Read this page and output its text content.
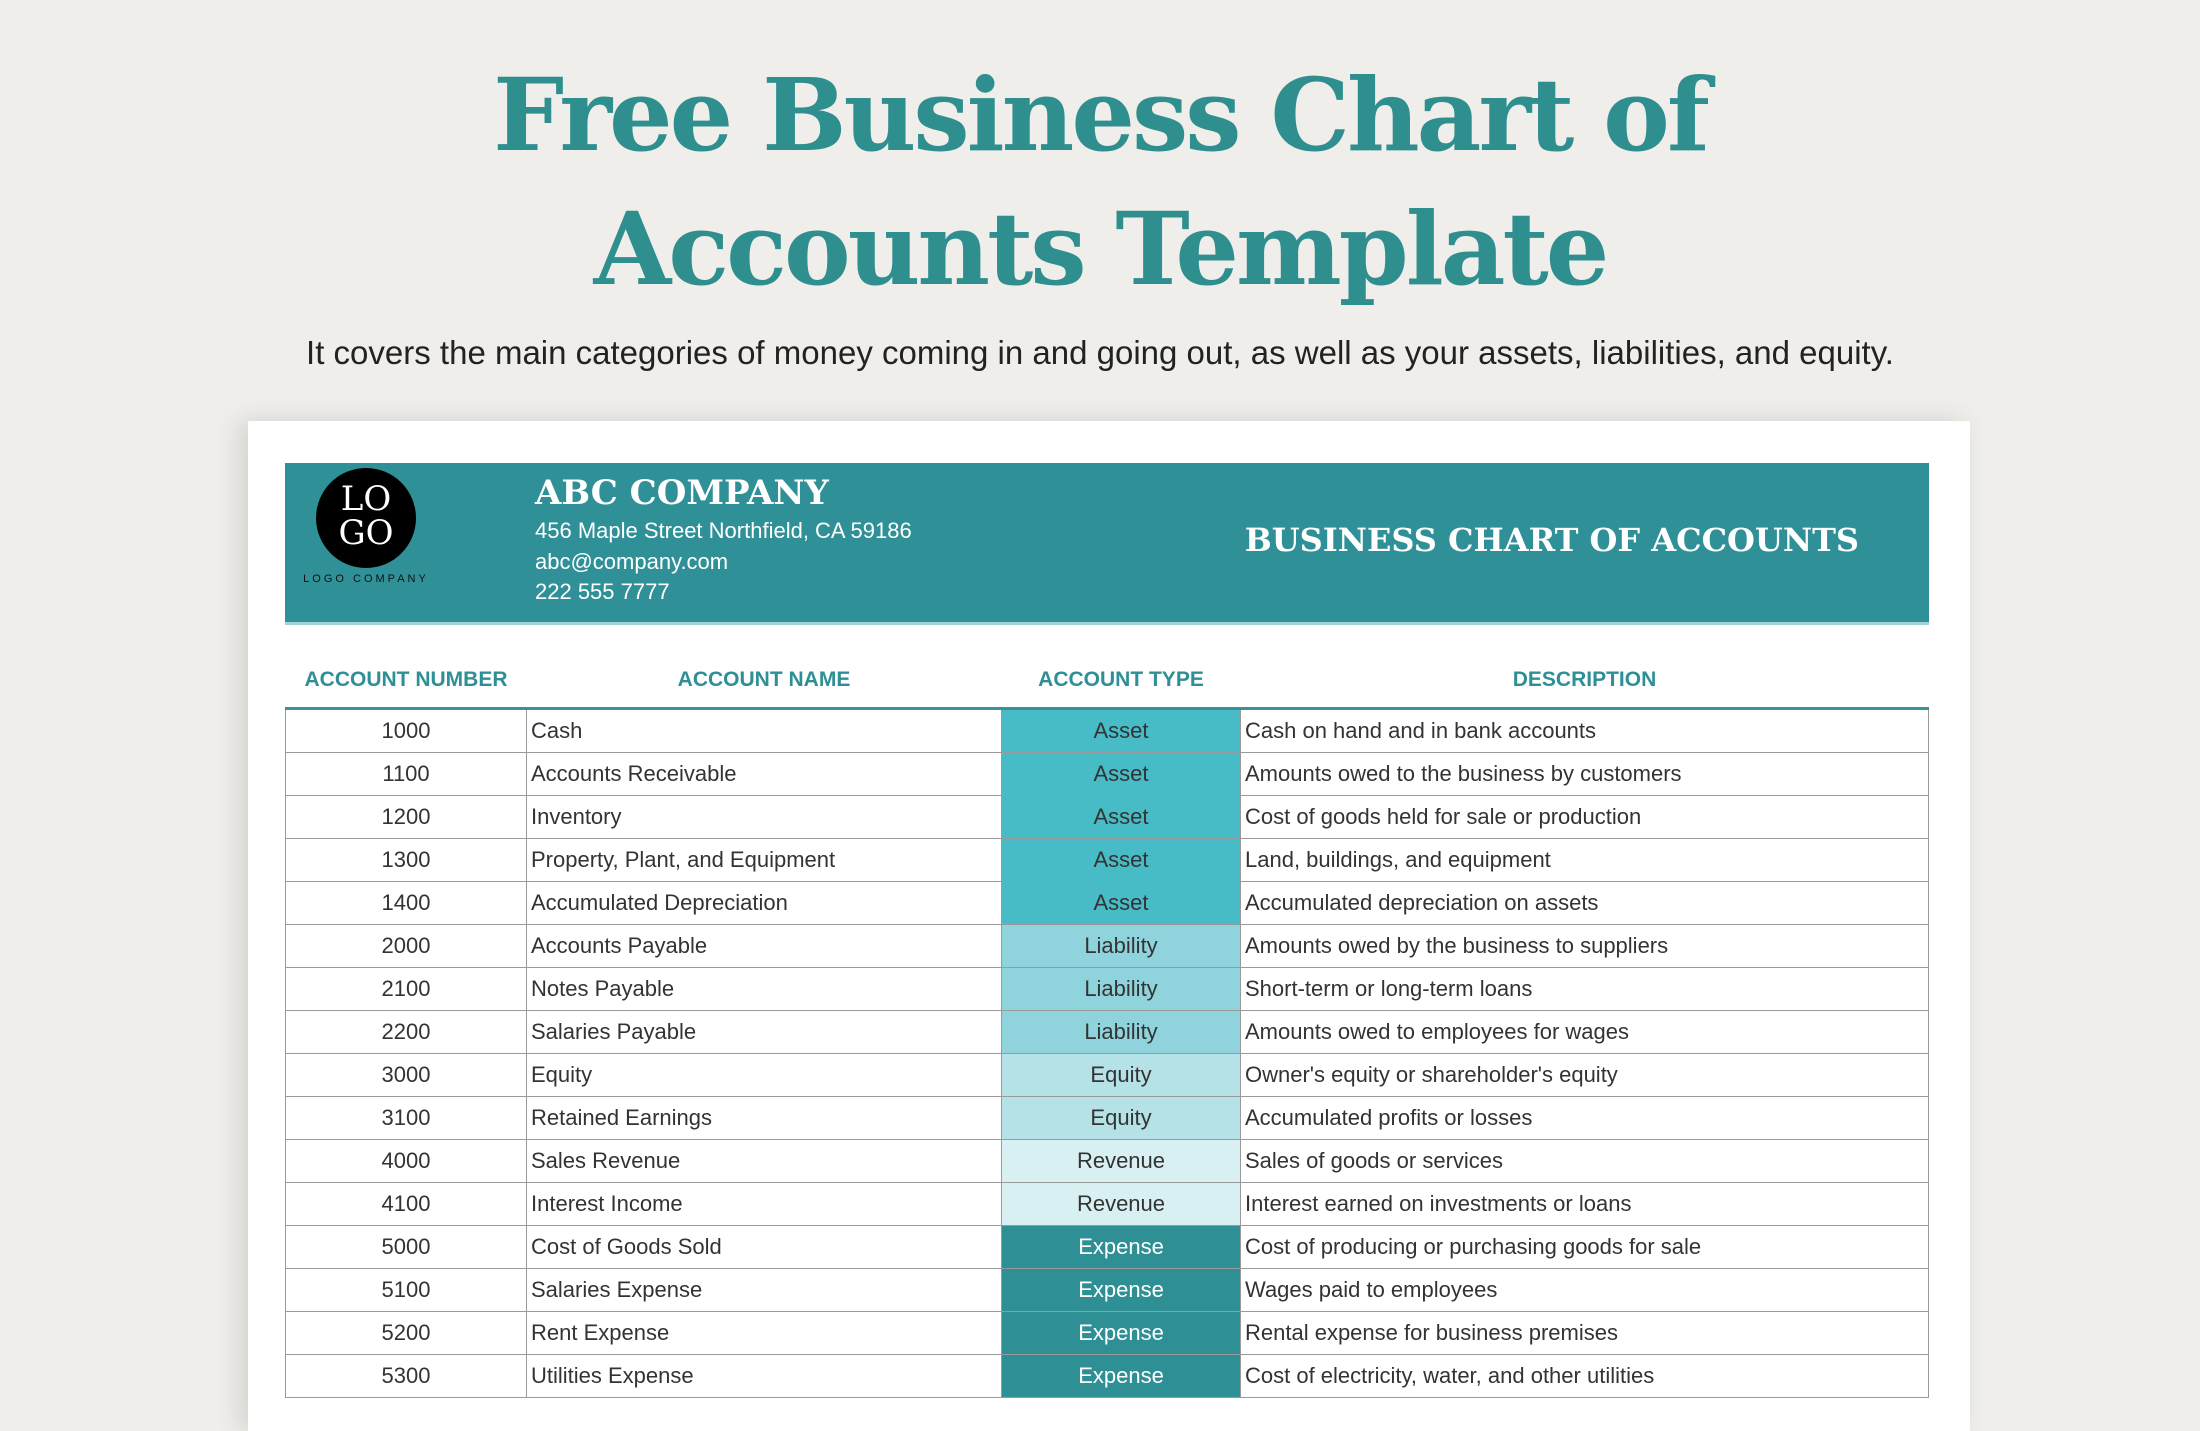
Free Business Chart of
Accounts Template
It covers the main categories of money coming in and going out, as well as your assets, liabilities, and equity.
LO
GO
LOGO COMPANY
ABC COMPANY
456 Maple Street Northfield, CA 59186
abc@company.com
222 555 7777
BUSINESS CHART OF ACCOUNTS
ACCOUNT NUMBER	ACCOUNT NAME	ACCOUNT TYPE	DESCRIPTION
1000	Cash	Asset	Cash on hand and in bank accounts
1100	Accounts Receivable	Asset	Amounts owed to the business by customers
1200	Inventory	Asset	Cost of goods held for sale or production
1300	Property, Plant, and Equipment	Asset	Land, buildings, and equipment
1400	Accumulated Depreciation	Asset	Accumulated depreciation on assets
2000	Accounts Payable	Liability	Amounts owed by the business to suppliers
2100	Notes Payable	Liability	Short-term or long-term loans
2200	Salaries Payable	Liability	Amounts owed to employees for wages
3000	Equity	Equity	Owner's equity or shareholder's equity
3100	Retained Earnings	Equity	Accumulated profits or losses
4000	Sales Revenue	Revenue	Sales of goods or services
4100	Interest Income	Revenue	Interest earned on investments or loans
5000	Cost of Goods Sold	Expense	Cost of producing or purchasing goods for sale
5100	Salaries Expense	Expense	Wages paid to employees
5200	Rent Expense	Expense	Rental expense for business premises
5300	Utilities Expense	Expense	Cost of electricity, water, and other utilities
